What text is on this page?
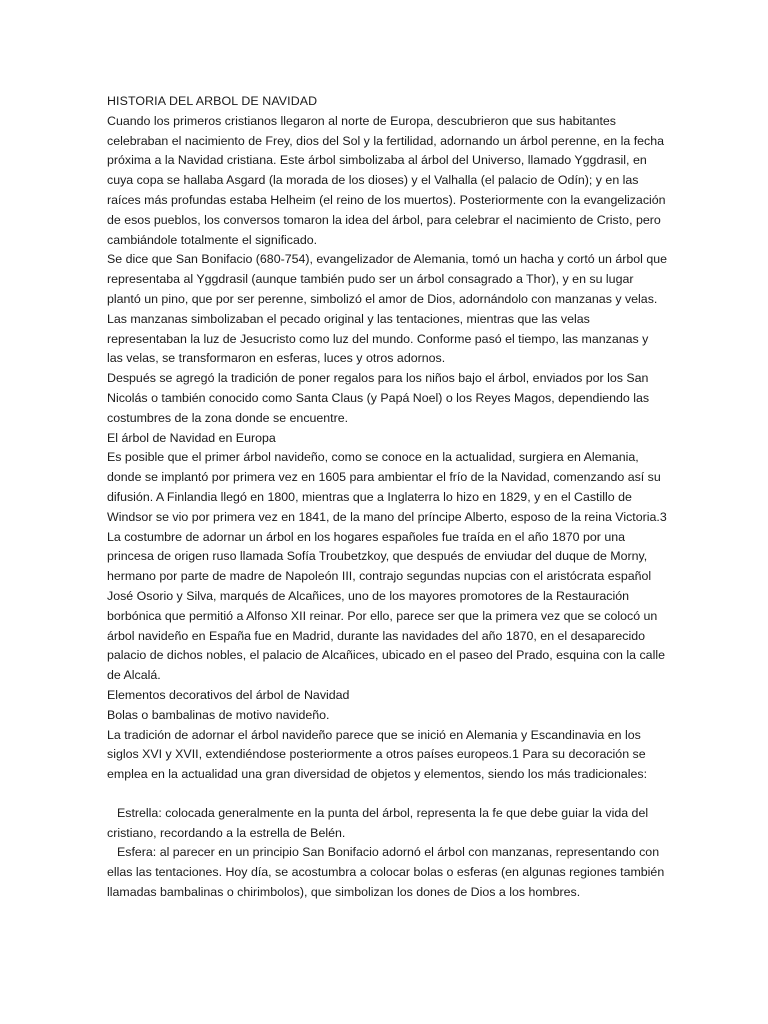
HISTORIA DEL ARBOL DE NAVIDAD

Cuando los primeros cristianos llegaron al norte de Europa, descubrieron que sus habitantes celebraban el nacimiento de Frey, dios del Sol y la fertilidad, adornando un árbol perenne, en la fecha próxima a la Navidad cristiana. Este árbol simbolizaba al árbol del Universo, llamado Yggdrasil, en cuya copa se hallaba Asgard (la morada de los dioses) y el Valhalla (el palacio de Odín); y en las raíces más profundas estaba Helheim (el reino de los muertos). Posteriormente con la evangelización de esos pueblos, los conversos tomaron la idea del árbol, para celebrar el nacimiento de Cristo, pero cambiándole totalmente el significado.

Se dice que San Bonifacio (680-754), evangelizador de Alemania, tomó un hacha y cortó un árbol que representaba al Yggdrasil (aunque también pudo ser un árbol consagrado a Thor), y en su lugar plantó un pino, que por ser perenne, simbolizó el amor de Dios, adornándolo con manzanas y velas. Las manzanas simbolizaban el pecado original y las tentaciones, mientras que las velas representaban la luz de Jesucristo como luz del mundo. Conforme pasó el tiempo, las manzanas y las velas, se transformaron en esferas, luces y otros adornos.

Después se agregó la tradición de poner regalos para los niños bajo el árbol, enviados por los San Nicolás o también conocido como Santa Claus (y Papá Noel) o los Reyes Magos, dependiendo las costumbres de la zona donde se encuentre.

El árbol de Navidad en Europa

Es posible que el primer árbol navideño, como se conoce en la actualidad, surgiera en Alemania, donde se implantó por primera vez en 1605 para ambientar el frío de la Navidad, comenzando así su difusión. A Finlandia llegó en 1800, mientras que a Inglaterra lo hizo en 1829, y en el Castillo de Windsor se vio por primera vez en 1841, de la mano del príncipe Alberto, esposo de la reina Victoria.3

La costumbre de adornar un árbol en los hogares españoles fue traída en el año 1870 por una princesa de origen ruso llamada Sofía Troubetzkoy, que después de enviudar del duque de Morny, hermano por parte de madre de Napoleón III, contrajo segundas nupcias con el aristócrata español José Osorio y Silva, marqués de Alcañices, uno de los mayores promotores de la Restauración borbónica que permitió a Alfonso XII reinar. Por ello, parece ser que la primera vez que se colocó un árbol navideño en España fue en Madrid, durante las navidades del año 1870, en el desaparecido palacio de dichos nobles, el palacio de Alcañices, ubicado en el paseo del Prado, esquina con la calle de Alcalá.

Elementos decorativos del árbol de Navidad

Bolas o bambalinas de motivo navideño.

La tradición de adornar el árbol navideño parece que se inició en Alemania y Escandinavia en los siglos XVI y XVII, extendiéndose posteriormente a otros países europeos.1 Para su decoración se emplea en la actualidad una gran diversidad de objetos y elementos, siendo los más tradicionales:

Estrella: colocada generalmente en la punta del árbol, representa la fe que debe guiar la vida del cristiano, recordando a la estrella de Belén.

Esfera: al parecer en un principio San Bonifacio adornó el árbol con manzanas, representando con ellas las tentaciones. Hoy día, se acostumbra a colocar bolas o esferas (en algunas regiones también llamadas bambalinas o chirimbolos), que simbolizan los dones de Dios a los hombres.
